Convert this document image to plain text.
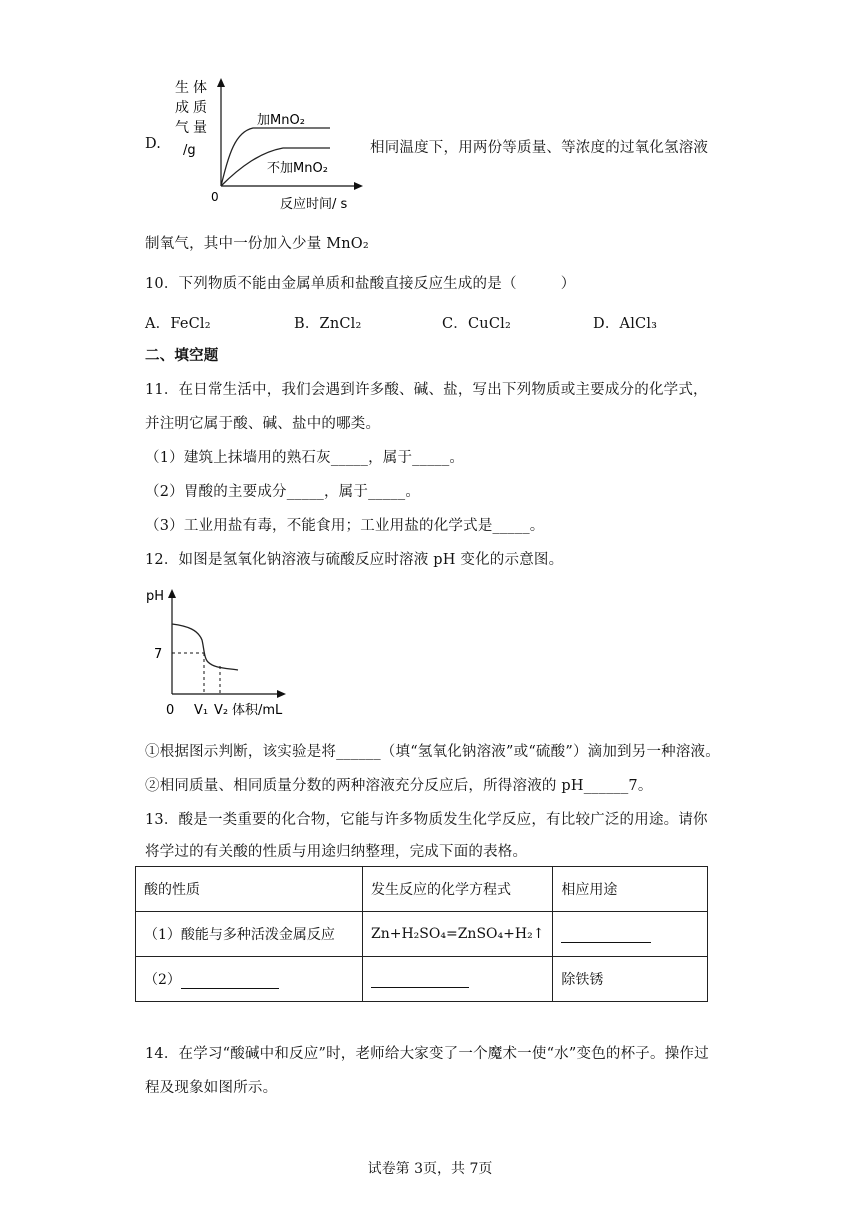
D.
生 体
成 质
气 量
/g
0	反应时间/ s
加MnO₂
不加MnO₂
相同温度下，用两份等质量、等浓度的过氧化氢溶液
制氧气，其中一份加入少量 MnO₂
10．下列物质不能由金属单质和盐酸直接反应生成的是（　　　）
A．FeCl₂	B．ZnCl₂	C．CuCl₂	D．AlCl₃
二、填空题
11．在日常生活中，我们会遇到许多酸、碱、盐，写出下列物质或主要成分的化学式，
并注明它属于酸、碱、盐中的哪类。
（1）建筑上抹墙用的熟石灰_____，属于_____。
（2）胃酸的主要成分_____，属于_____。
（3）工业用盐有毒，不能食用；工业用盐的化学式是_____。
12．如图是氢氧化钠溶液与硫酸反应时溶液 pH 变化的示意图。
pH
7
0 V₁ V₂ 体积/mL
①根据图示判断，该实验是将______（填“氢氧化钠溶液”或“硫酸”）滴加到另一种溶液。
②相同质量、相同质量分数的两种溶液充分反应后，所得溶液的 pH______7。
13．酸是一类重要的化合物，它能与许多物质发生化学反应，有比较广泛的用途。请你
将学过的有关酸的性质与用途归纳整理，完成下面的表格。
酸的性质	发生反应的化学方程式	相应用途
（1）酸能与多种活泼金属反应	Zn+H₂SO₄=ZnSO₄+H₂↑	
（2）		除铁锈
14．在学习“酸碱中和反应”时，老师给大家变了一个魔术一使“水”变色的杯子。操作过
程及现象如图所示。
试卷第 3页，共 7页
